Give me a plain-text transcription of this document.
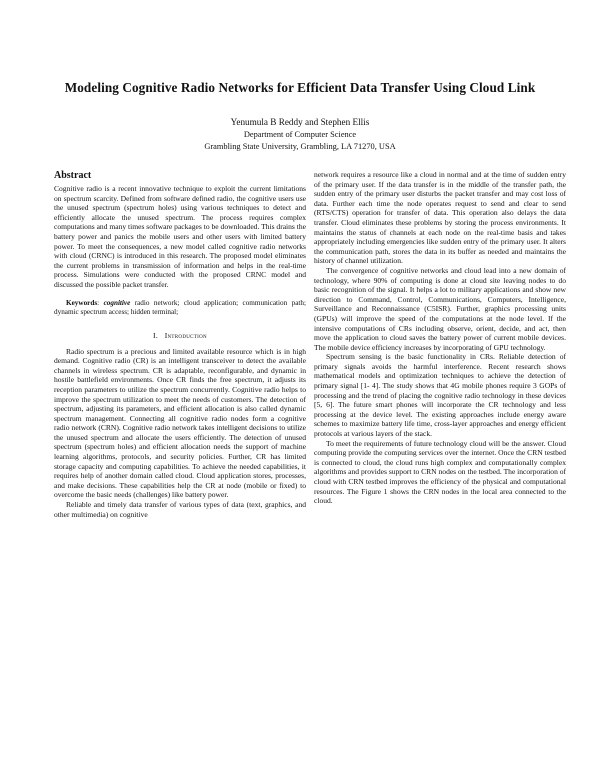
Modeling Cognitive Radio Networks for Efficient Data Transfer Using Cloud Link
Yenumula B Reddy and Stephen Ellis
Department of Computer Science
Grambling State University, Grambling, LA 71270, USA
Abstract

Cognitive radio is a recent innovative technique to exploit the current limitations on spectrum scarcity. Defined from software defined radio, the cognitive users use the unused spectrum (spectrum holes) using various techniques to detect and efficiently allocate the unused spectrum. The process requires complex computations and many times software packages to be downloaded. This drains the battery power and panics the mobile users and other users with limited battery power. To meet the consequences, a new model called cognitive radio networks with cloud (CRNC) is introduced in this research. The proposed model eliminates the current problems in transmission of information and helps in the real-time process. Simulations were conducted with the proposed CRNC model and discussed the possible packet transfer.

Keywords: cognitive radio network; cloud application; communication path; dynamic spectrum access; hidden terminal;

I. Introduction

Radio spectrum is a precious and limited available resource which is in high demand. Cognitive radio (CR) is an intelligent transceiver to detect the available channels in wireless spectrum. CR is adaptable, reconfigurable, and dynamic in hostile battlefield environments. Once CR finds the free spectrum, it adjusts its reception parameters to utilize the spectrum concurrently. Cognitive radio helps to improve the spectrum utilization to meet the needs of customers. The detection of spectrum, adjusting its parameters, and efficient allocation is also called dynamic spectrum management. Connecting all cognitive radio nodes form a cognitive radio network (CRN). Cognitive radio network takes intelligent decisions to utilize the unused spectrum and allocate the users efficiently. The detection of unused spectrum (spectrum holes) and efficient allocation needs the support of machine learning algorithms, protocols, and security policies. Further, CR has limited storage capacity and computing capabilities. To achieve the needed capabilities, it requires help of another domain called cloud. Cloud application stores, processes, and make decisions. These capabilities help the CR at node (mobile or fixed) to overcome the basic needs (challenges) like battery power.

Reliable and timely data transfer of various types of data (text, graphics, and other multimedia) on cognitive

network requires a resource like a cloud in normal and at the time of sudden entry of the primary user. If the data transfer is in the middle of the transfer path, the sudden entry of the primary user disturbs the packet transfer and may cost loss of data. Further each time the node operates request to send and clear to send (RTS/CTS) operation for transfer of data. This operation also delays the data transfer. Cloud eliminates these problems by storing the process environments. It maintains the status of channels at each node on the real-time basis and takes appropriately including emergencies like sudden entry of the primary user. It alters the communication path, stores the data in its buffer as needed and maintains the history of channel utilization.

The convergence of cognitive networks and cloud lead into a new domain of technology, where 90% of computing is done at cloud site leaving nodes to do basic recognition of the signal. It helps a lot to military applications and show new direction to Command, Control, Communications, Computers, Intelligence, Surveillance and Reconnaissance (C5ISR). Further, graphics processing units (GPUs) will improve the speed of the computations at the node level. If the intensive computations of CRs including observe, orient, decide, and act, then move the application to cloud saves the battery power of current mobile devices. The mobile device efficiency increases by incorporating of GPU technology.

Spectrum sensing is the basic functionality in CRs. Reliable detection of primary signals avoids the harmful interference. Recent research shows mathematical models and optimization techniques to achieve the detection of primary signal [1- 4]. The study shows that 4G mobile phones require 3 GOPs of processing and the trend of placing the cognitive radio technology in these devices [5, 6]. The future smart phones will incorporate the CR technology and less processing at the device level. The existing approaches include energy aware schemes to maximize battery life time, cross-layer approaches and energy efficient protocols at various layers of the stack.

To meet the requirements of future technology cloud will be the answer. Cloud computing provide the computing services over the internet. Once the CRN testbed is connected to cloud, the cloud runs high complex and computationally complex algorithms and provides support to CRN nodes on the testbed. The incorporation of cloud with CRN testbed improves the efficiency of the physical and computational resources. The Figure 1 shows the CRN nodes in the local area connected to the cloud.
